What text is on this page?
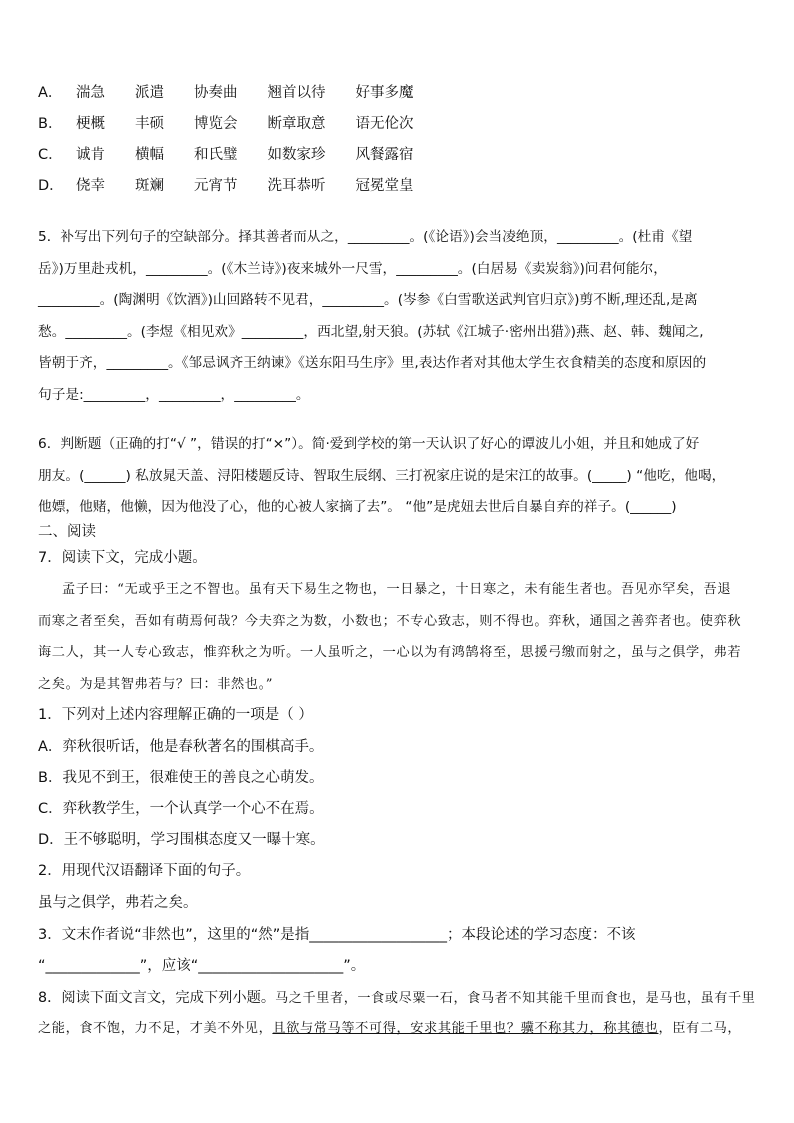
A． 湍急 派遣 协奏曲 翘首以待 好事多魔
B． 梗概 丰硕 博览会 断章取意 语无伦次
C． 诚肯 横幅 和氏璧 如数家珍 风餐露宿
D． 侥幸 斑斓 元宵节 洗耳恭听 冠冕堂皇
5．补写出下列句子的空缺部分。择其善者而从之，_________。(《论语》)会当凌绝顶，_________。(杜甫《望
岳》)万里赴戎机，_________。(《木兰诗》)夜来城外一尺雪，_________。(白居易《卖炭翁》)问君何能尔，
_________。(陶渊明《饮酒》)山回路转不见君，_________。(岑参《白雪歌送武判官归京》)剪不断,理还乱,是离
愁。_________。(李煜《相见欢》_________，西北望,射天狼。(苏轼《江城子·密州出猎》)燕、赵、韩、魏闻之,
皆朝于齐，_________。《邹忌讽齐王纳谏》《送东阳马生序》里,表达作者对其他太学生衣食精美的态度和原因的
句子是:_________，_________，_________。
6．判断题（正确的打“√ ”，错误的打“×”）。简·爱到学校的第一天认识了好心的谭波儿小姐，并且和她成了好
朋友。(______) 私放晁天盖、浔阳楼题反诗、智取生辰纲、三打祝家庄说的是宋江的故事。(_____) “他吃，他喝，
他嫖，他赌，他懒，因为他没了心，他的心被人家摘了去”。 “他”是虎妞去世后自暴自弃的祥子。(______)
二、阅读
7．阅读下文，完成小题。
孟子曰：“无或乎王之不智也。虽有天下易生之物也，一日暴之，十日寒之，未有能生者也。吾见亦罕矣，吾退
而寒之者至矣，吾如有萌焉何哉？今夫弈之为数，小数也；不专心致志，则不得也。弈秋，通国之善弈者也。使弈秋
诲二人，其一人专心致志，惟弈秋之为听。一人虽听之，一心以为有鸿鹄将至，思援弓缴而射之，虽与之俱学，弗若
之矣。为是其智弗若与？曰：非然也。”
1．下列对上述内容理解正确的一项是（ ）
A．弈秋很听话，他是春秋著名的围棋高手。
B．我见不到王，很难使王的善良之心萌发。
C．弈秋教学生，一个认真学一个心不在焉。
D．王不够聪明，学习围棋态度又一曝十寒。
2．用现代汉语翻译下面的句子。
虽与之俱学，弗若之矣。
3．文末作者说“非然也”，这里的“然”是指___________________；本段论述的学习态度：不该
“_____________”，应该“____________________”。
8．阅读下面文言文，完成下列小题。马之千里者，一食或尽粟一石，食马者不知其能千里而食也，是马也，虽有千里
之能，食不饱，力不足，才美不外见，且欲与常马等不可得，安求其能千里也？骥不称其力，称其德也，臣有二马，
